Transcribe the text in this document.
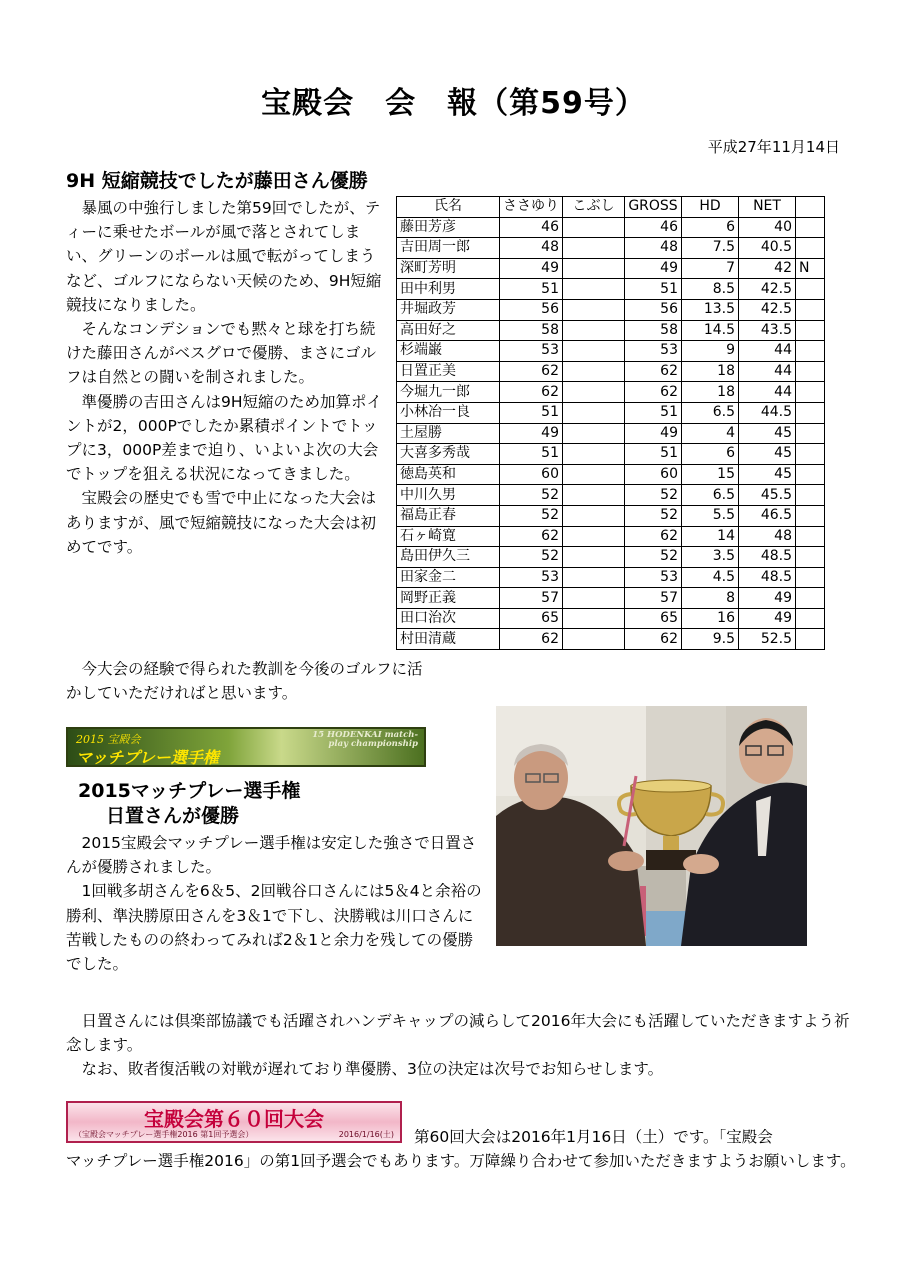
宝殿会　会　報（第59号）
平成27年11月14日
9H 短縮競技でしたが藤田さん優勝

暴風の中強行しました第59回でしたが、ティーに乗せたボールが風で落とされてしまい、グリーンのボールは風で転がってしまうなど、ゴルフにならない天候のため、9H短縮競技になりました。

そんなコンデションでも黙々と球を打ち続けた藤田さんがベスグロで優勝、まさにゴルフは自然との闘いを制されました。

準優勝の吉田さんは9H短縮のため加算ポイントが2，000Pでしたか累積ポイントでトップに3，000P差まで迫り、いよいよ次の大会でトップを狙える状況になってきました。

宝殿会の歴史でも雪で中止になった大会はありますが、風で短縮競技になった大会は初めてです。

今大会の経験で得られた教訓を今後のゴルフに活かしていただければと思います。
氏名	ささゆり	こぶし	GROSS	HD	NET	
藤田芳彦	46		46	6	40	
吉田周一郎	48		48	7.5	40.5	
深町芳明	49		49	7	42	N
田中利男	51		51	8.5	42.5	
井堀政芳	56		56	13.5	42.5	
高田好之	58		58	14.5	43.5	
杉端巌	53		53	9	44	
日置正美	62		62	18	44	
今堀九一郎	62		62	18	44	
小林冶一良	51		51	6.5	44.5	
土屋勝	49		49	4	45	
大喜多秀哉	51		51	6	45	
徳島英和	60		60	15	45	
中川久男	52		52	6.5	45.5	
福島正春	52		52	5.5	46.5	
石ヶ崎寛	62		62	14	48	
島田伊久三	52		52	3.5	48.5	
田家金二	53		53	4.5	48.5	
岡野正義	57		57	8	49	
田口治次	65		65	16	49	
村田清蔵	62		62	9.5	52.5	
2015 宝殿会
マッチプレー選手権
15 HODENKAI match-play championship
2015マッチプレー選手権
日置さんが優勝

2015宝殿会マッチプレー選手権は安定した強さで日置さんが優勝されました。

1回戦多胡さんを6＆5、2回戦谷口さんには5＆4と余裕の勝利、準決勝原田さんを3＆1で下し、決勝戦は川口さんに苦戦したものの終わってみれば2＆1と余力を残しての優勝でした。

日置さんには倶楽部協議でも活躍されハンデキャップの減らして2016年大会にも活躍していただきますよう祈念します。

なお、敗者復活戦の対戦が遅れており準優勝、3位の決定は次号でお知らせします。

宝殿会第６０回大会
（宝殿会マッチプレー選手権2016 第1回予選会）	2016/1/16(土)	第60回大会は2016年1月16日（土）です。「宝殿会
マッチプレー選手権2016」の第1回予選会でもあります。万障繰り合わせて参加いただきますようお願いします。
